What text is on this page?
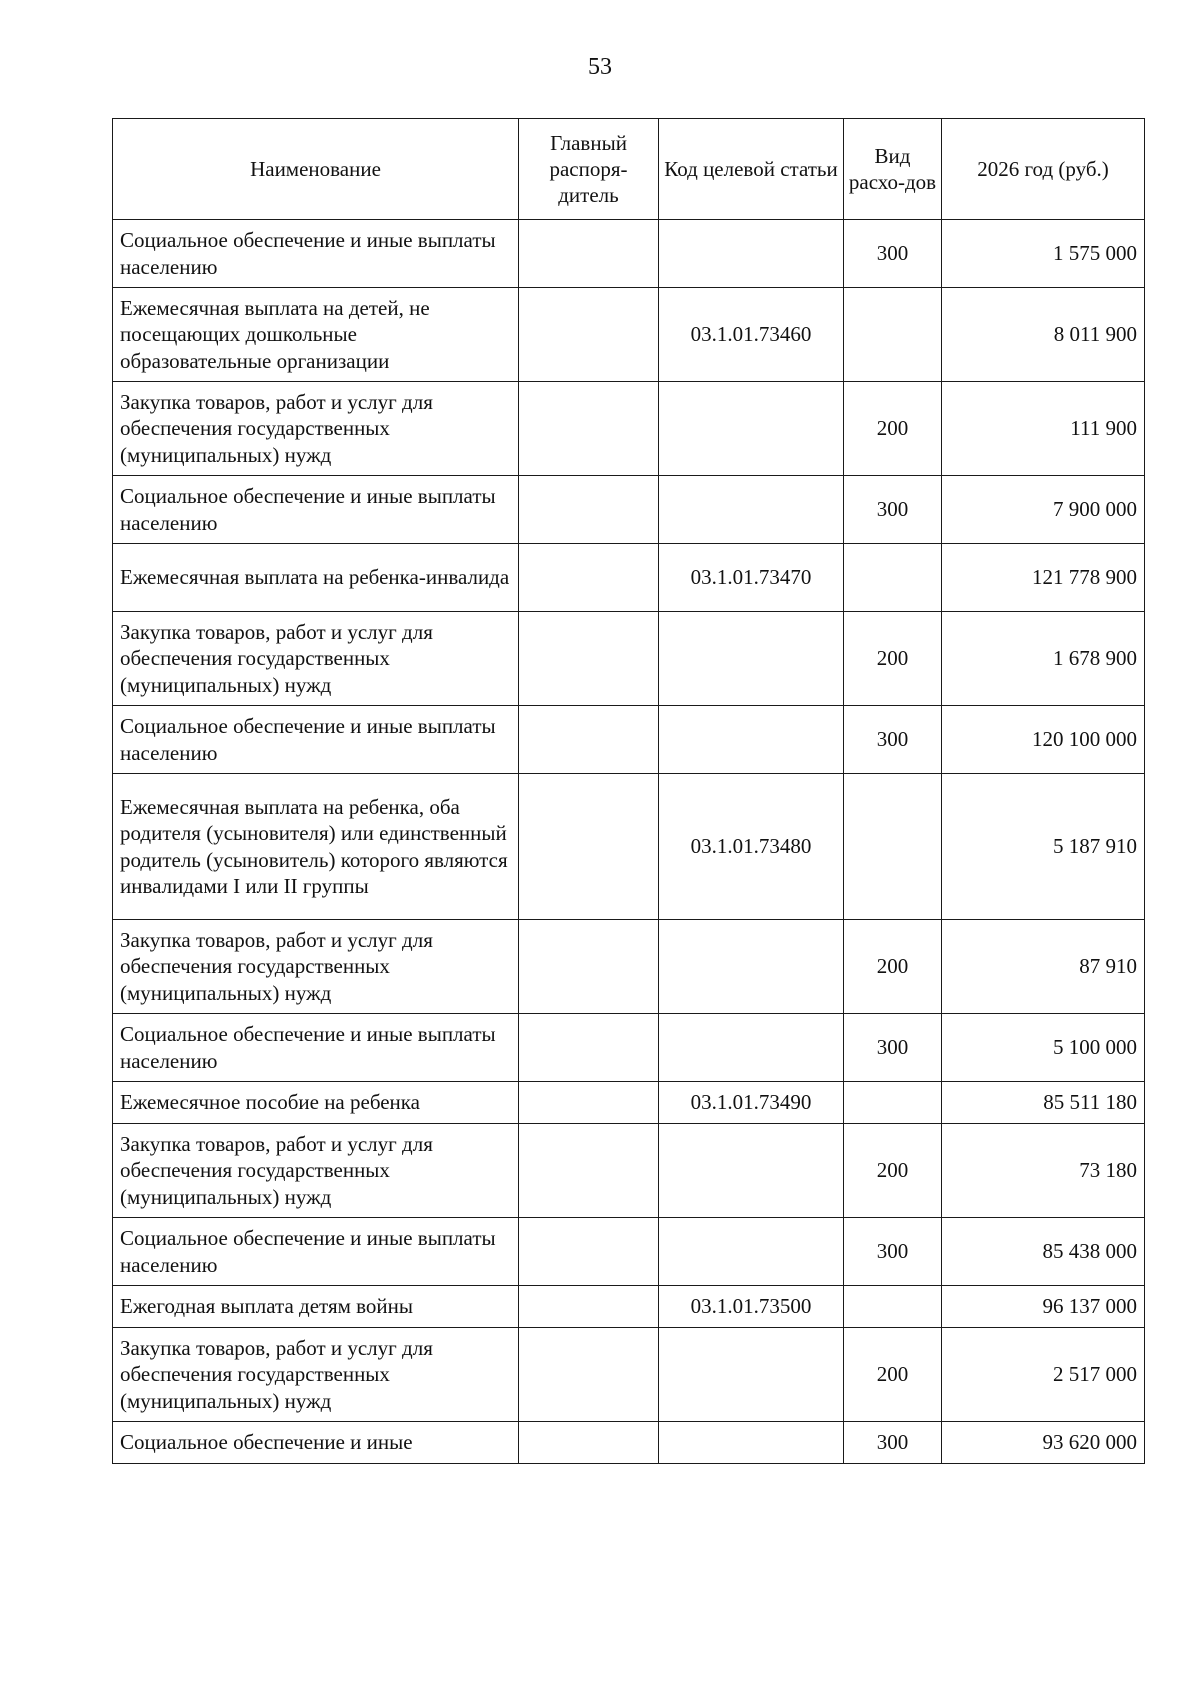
53
Наименование	Главный распоря-дитель	Код целевой статьи	Вид расхо-дов	2026 год (руб.)
Социальное обеспечение и иные выплаты населению			300	1 575 000
Ежемесячная выплата на детей, не посещающих дошкольные образовательные организации		03.1.01.73460		8 011 900
Закупка товаров, работ и услуг для обеспечения государственных (муниципальных) нужд			200	111 900
Социальное обеспечение и иные выплаты населению			300	7 900 000
Ежемесячная выплата на ребенка-инвалида		03.1.01.73470		121 778 900
Закупка товаров, работ и услуг для обеспечения государственных (муниципальных) нужд			200	1 678 900
Социальное обеспечение и иные выплаты населению			300	120 100 000
Ежемесячная выплата на ребенка, оба родителя (усыновителя) или единственный родитель (усыновитель) которого являются инвалидами I или II группы		03.1.01.73480		5 187 910
Закупка товаров, работ и услуг для обеспечения государственных (муниципальных) нужд			200	87 910
Социальное обеспечение и иные выплаты населению			300	5 100 000
Ежемесячное пособие на ребенка		03.1.01.73490		85 511 180
Закупка товаров, работ и услуг для обеспечения государственных (муниципальных) нужд			200	73 180
Социальное обеспечение и иные выплаты населению			300	85 438 000
Ежегодная выплата детям войны		03.1.01.73500		96 137 000
Закупка товаров, работ и услуг для обеспечения государственных (муниципальных) нужд			200	2 517 000
Социальное обеспечение и иные			300	93 620 000
